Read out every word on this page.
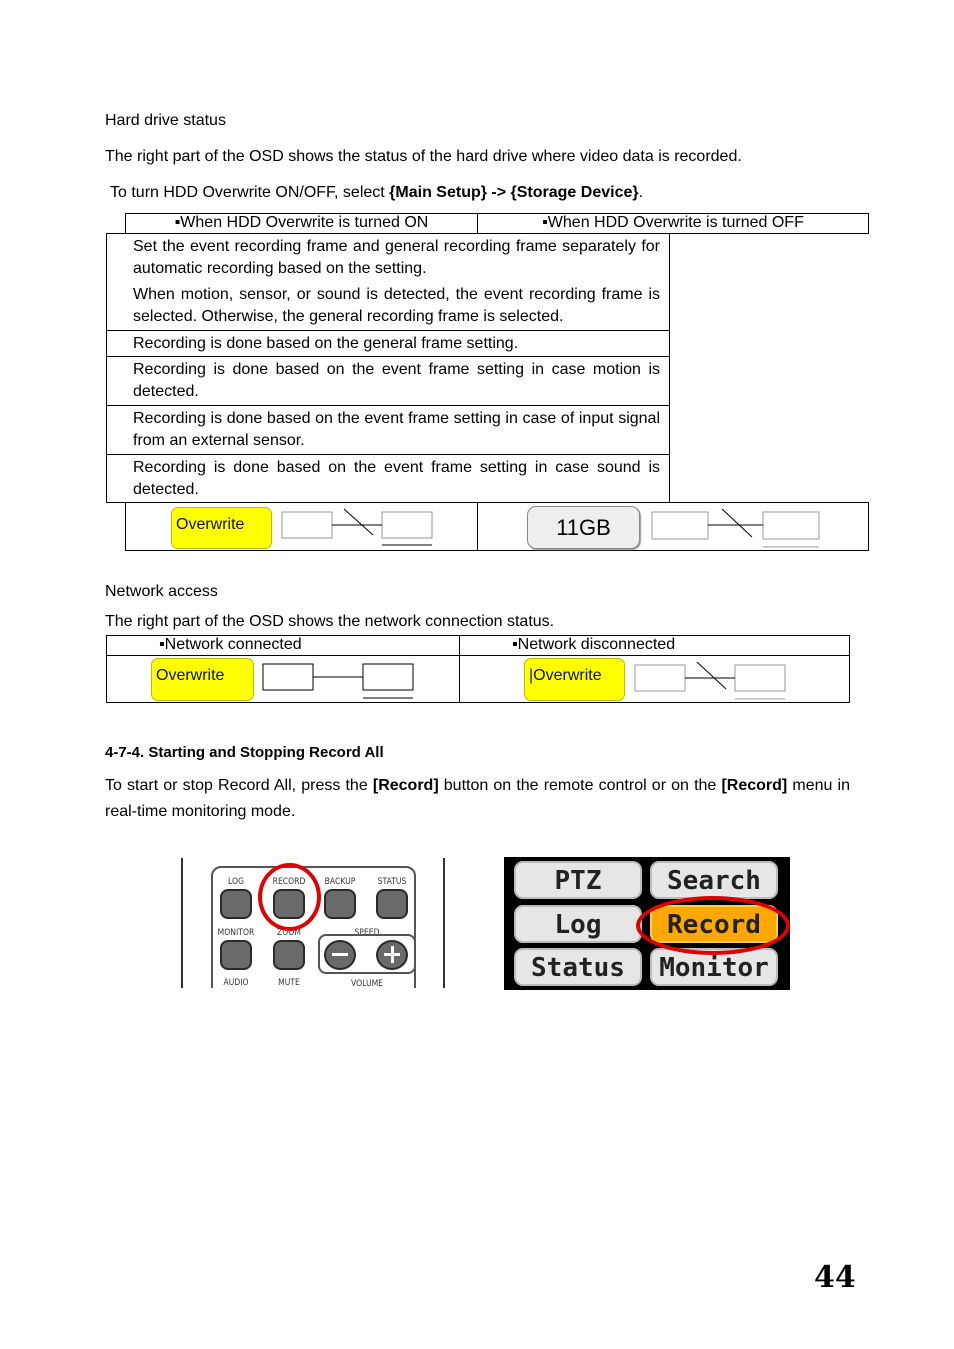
Hard drive status
The right part of the OSD shows the status of the hard drive where video data is recorded.
To turn HDD Overwrite ON/OFF, select {Main Setup} -> {Storage Device}.
▪When HDD Overwrite is turned ON	▪When HDD Overwrite is turned OFF
Set the event recording frame and general recording frame separately for automatic recording based on the setting.
When motion, sensor, or sound is detected, the event recording frame is selected. Otherwise, the general recording frame is selected.
Recording is done based on the general frame setting.
Recording is done based on the event frame setting in case motion is detected.
Recording is done based on the event frame setting in case of input signal from an external sensor.
Recording is done based on the event frame setting in case sound is detected.
Overwrite	11GB
Network access
The right part of the OSD shows the network connection status.
▪Network connected	▪Network disconnected
Overwrite	|Overwrite
4-7-4. Starting and Stopping Record All
To start or stop Record All, press the [Record] button on the remote control or on the [Record] menu in real-time monitoring mode.
LOG	RECORD	BACKUP	STATUS
MONITOR	ZOOM	SPEED
AUDIO	MUTE	VOLUME
PTZ	Search
Log	Record
Status	Monitor
44
